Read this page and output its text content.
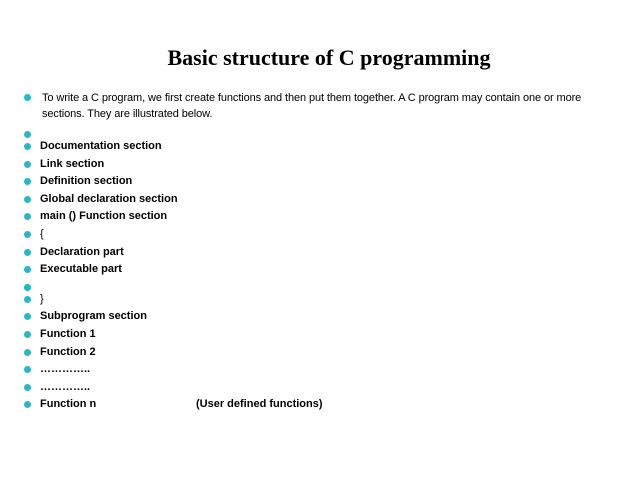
Basic structure of C programming
To write a C program, we first create functions and then put them together. A C program may contain one or more sections. They are illustrated below.
Documentation section
Link section
Definition section
Global declaration section
main () Function section
{
Declaration part
Executable part
}
Subprogram section
Function 1
Function 2
…………..
…………..
Function n	(User defined functions)
